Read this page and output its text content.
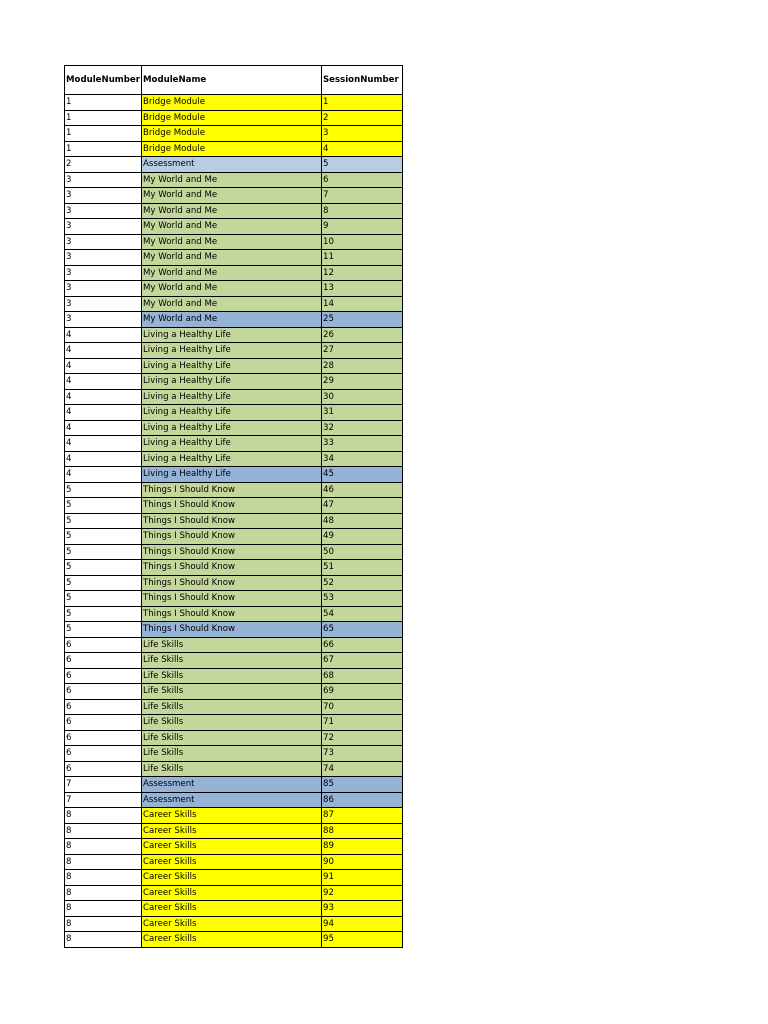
ModuleNumber	ModuleName	SessionNumber
1	Bridge Module	1
1	Bridge Module	2
1	Bridge Module	3
1	Bridge Module	4
2	Assessment	5
3	My World and Me	6
3	My World and Me	7
3	My World and Me	8
3	My World and Me	9
3	My World and Me	10
3	My World and Me	11
3	My World and Me	12
3	My World and Me	13
3	My World and Me	14
3	My World and Me	25
4	Living a Healthy Life	26
4	Living a Healthy Life	27
4	Living a Healthy Life	28
4	Living a Healthy Life	29
4	Living a Healthy Life	30
4	Living a Healthy Life	31
4	Living a Healthy Life	32
4	Living a Healthy Life	33
4	Living a Healthy Life	34
4	Living a Healthy Life	45
5	Things I Should Know	46
5	Things I Should Know	47
5	Things I Should Know	48
5	Things I Should Know	49
5	Things I Should Know	50
5	Things I Should Know	51
5	Things I Should Know	52
5	Things I Should Know	53
5	Things I Should Know	54
5	Things I Should Know	65
6	Life Skills	66
6	Life Skills	67
6	Life Skills	68
6	Life Skills	69
6	Life Skills	70
6	Life Skills	71
6	Life Skills	72
6	Life Skills	73
6	Life Skills	74
7	Assessment	85
7	Assessment	86
8	Career Skills	87
8	Career Skills	88
8	Career Skills	89
8	Career Skills	90
8	Career Skills	91
8	Career Skills	92
8	Career Skills	93
8	Career Skills	94
8	Career Skills	95
